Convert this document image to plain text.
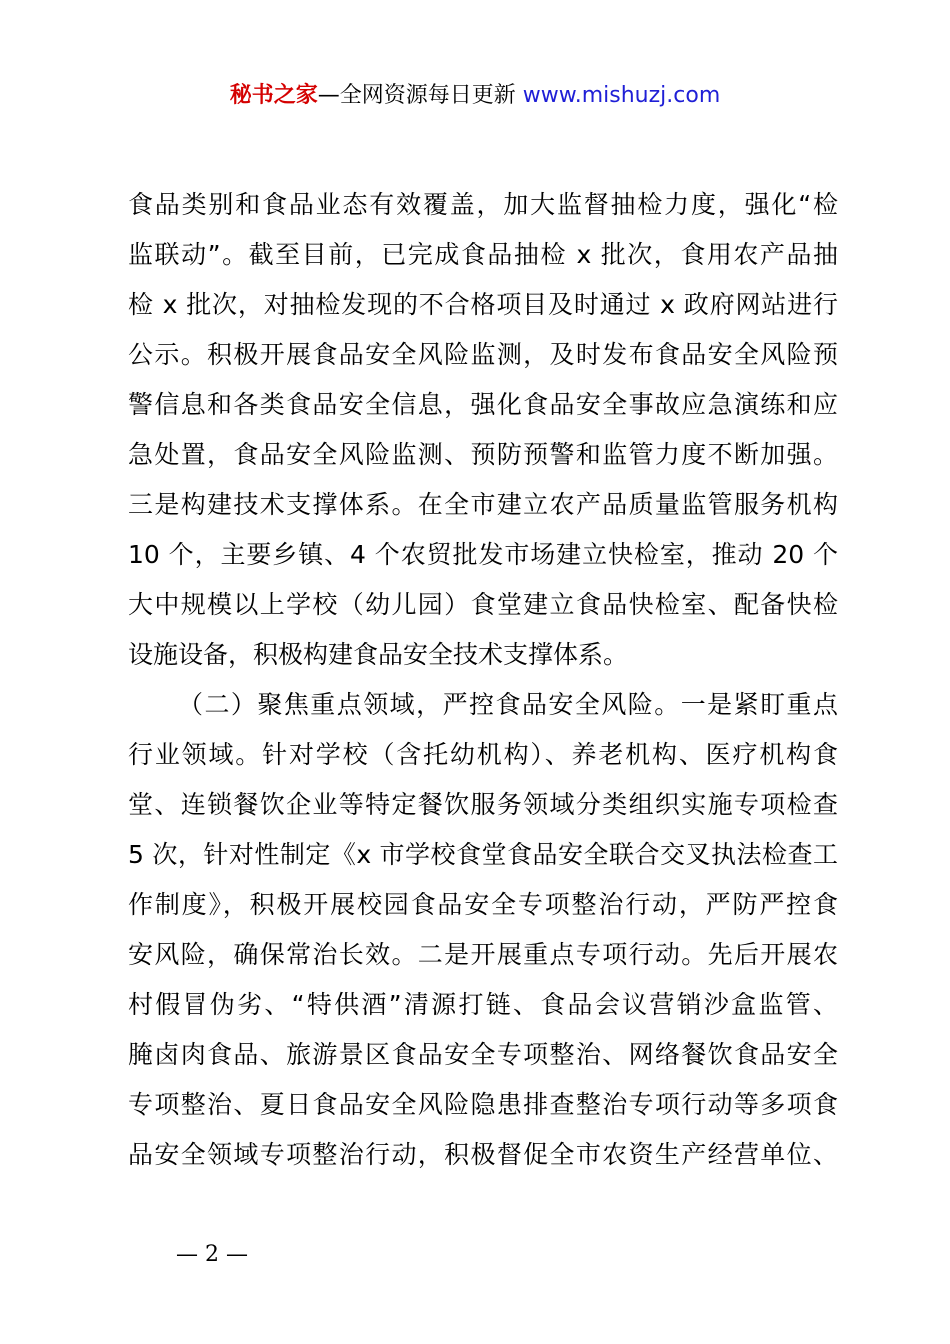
秘书之家—全网资源每日更新 www.mishuzj.com
食品类别和食品业态有效覆盖，加大监督抽检力度，强化“检
监联动”。截至目前，已完成食品抽检 x 批次，食用农产品抽
检 x 批次，对抽检发现的不合格项目及时通过 x 政府网站进行
公示。积极开展食品安全风险监测，及时发布食品安全风险预
警信息和各类食品安全信息，强化食品安全事故应急演练和应
急处置，食品安全风险监测、预防预警和监管力度不断加强。
三是构建技术支撑体系。在全市建立农产品质量监管服务机构
10 个，主要乡镇、4 个农贸批发市场建立快检室，推动 20 个
大中规模以上学校（幼儿园）食堂建立食品快检室、配备快检
设施设备，积极构建食品安全技术支撑体系。
（二）聚焦重点领域，严控食品安全风险。一是紧盯重点
行业领域。针对学校（含托幼机构）、养老机构、医疗机构食
堂、连锁餐饮企业等特定餐饮服务领域分类组织实施专项检查
5 次，针对性制定《x 市学校食堂食品安全联合交叉执法检查工
作制度》，积极开展校园食品安全专项整治行动，严防严控食
安风险，确保常治长效。二是开展重点专项行动。先后开展农
村假冒伪劣、“特供酒”清源打链、食品会议营销沙盒监管、
腌卤肉食品、旅游景区食品安全专项整治、网络餐饮食品安全
专项整治、夏日食品安全风险隐患排查整治专项行动等多项食
品安全领域专项整治行动，积极督促全市农资生产经营单位、
— 2 —
